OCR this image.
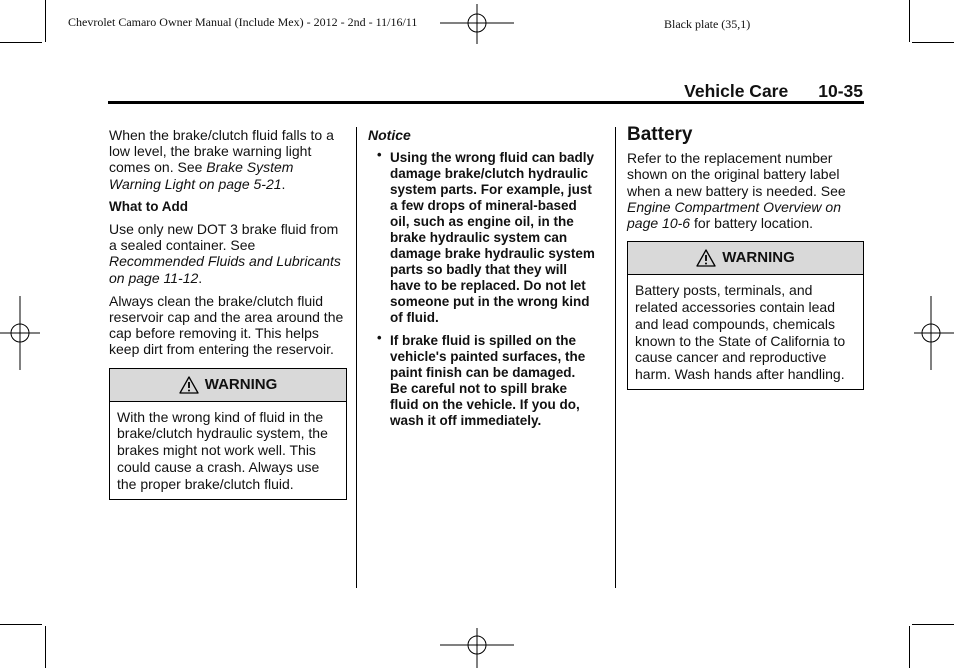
Chevrolet Camaro Owner Manual (Include Mex) - 2012 - 2nd - 11/16/11	Black plate (35,1)
Vehicle Care 10-35

When the brake/clutch fluid falls to a low level, the brake warning light comes on. See Brake System Warning Light on page 5-21.

What to Add

Use only new DOT 3 brake fluid from a sealed container. See Recommended Fluids and Lubricants on page 11-12.

Always clean the brake/clutch fluid reservoir cap and the area around the cap before removing it. This helps keep dirt from entering the reservoir.

WARNING
With the wrong kind of fluid in the brake/clutch hydraulic system, the brakes might not work well. This could cause a crash. Always use the proper brake/clutch fluid.
Notice
• Using the wrong fluid can badly damage brake/clutch hydraulic system parts. For example, just a few drops of mineral-based oil, such as engine oil, in the brake hydraulic system can damage brake hydraulic system parts so badly that they will have to be replaced. Do not let someone put in the wrong kind of fluid.
• If brake fluid is spilled on the vehicle's painted surfaces, the paint finish can be damaged. Be careful not to spill brake fluid on the vehicle. If you do, wash it off immediately.
Battery

Refer to the replacement number shown on the original battery label when a new battery is needed. See Engine Compartment Overview on page 10-6 for battery location.

WARNING
Battery posts, terminals, and related accessories contain lead and lead compounds, chemicals known to the State of California to cause cancer and reproductive harm. Wash hands after handling.
